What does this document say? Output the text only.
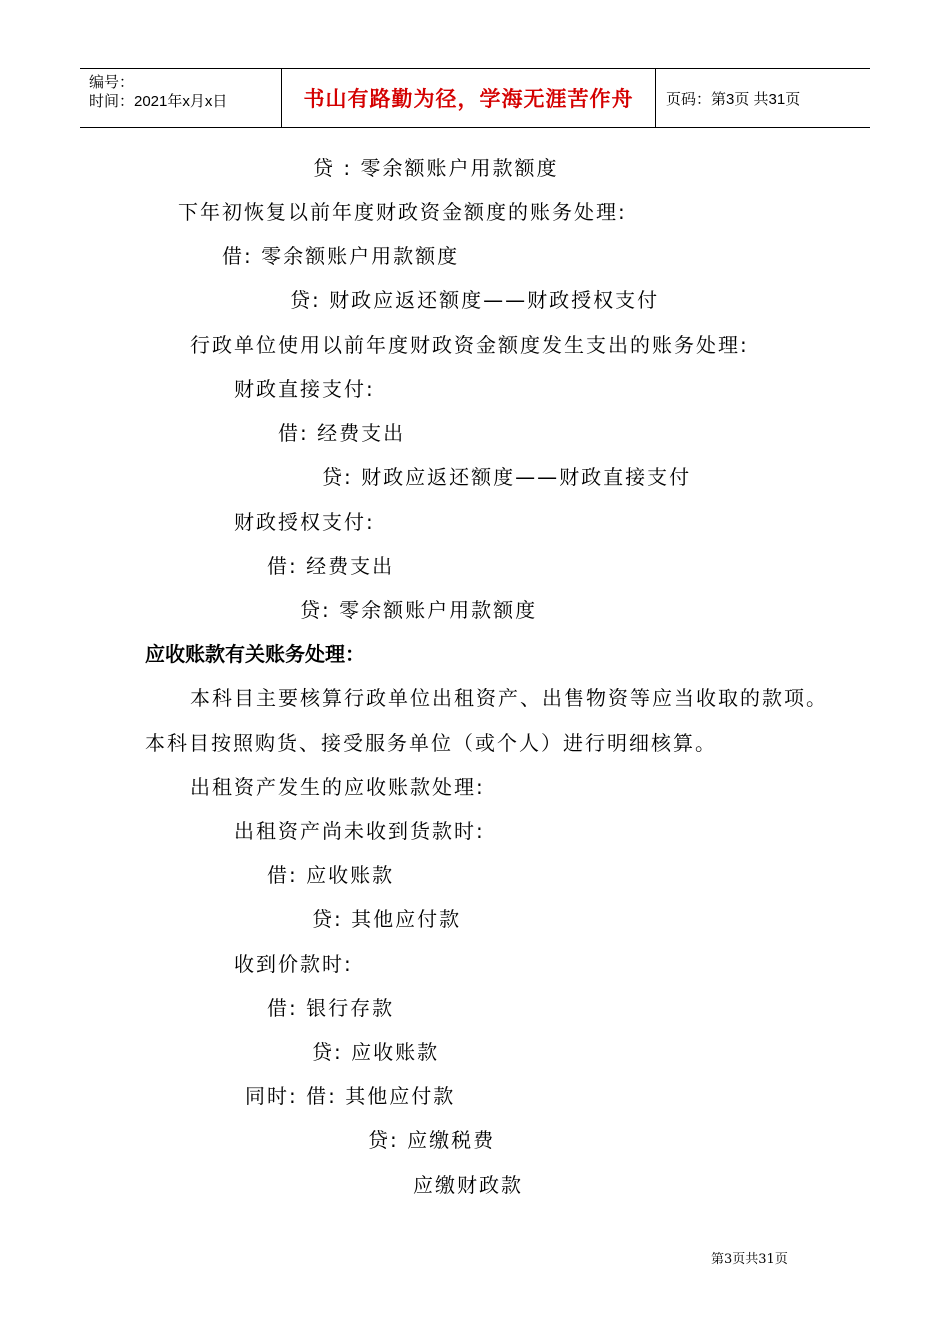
编号：
时间：2021年x月x日	书山有路勤为径，学海无涯苦作舟	页码：第3页 共31页
贷 : 零余额账户用款额度
下年初恢复以前年度财政资金额度的账务处理:
借: 零余额账户用款额度
贷: 财政应返还额度——财政授权支付
行政单位使用以前年度财政资金额度发生支出的账务处理:
财政直接支付:
借: 经费支出
贷: 财政应返还额度——财政直接支付
财政授权支付:
借: 经费支出
贷: 零余额账户用款额度
应收账款有关账务处理：
本科目主要核算行政单位出租资产、出售物资等应当收取的款项。
本科目按照购货、接受服务单位（或个人）进行明细核算。
出租资产发生的应收账款处理:
出租资产尚未收到货款时:
借: 应收账款
贷: 其他应付款
收到价款时:
借: 银行存款
贷: 应收账款
同时: 借: 其他应付款
贷: 应缴税费
应缴财政款
第3页共31页
